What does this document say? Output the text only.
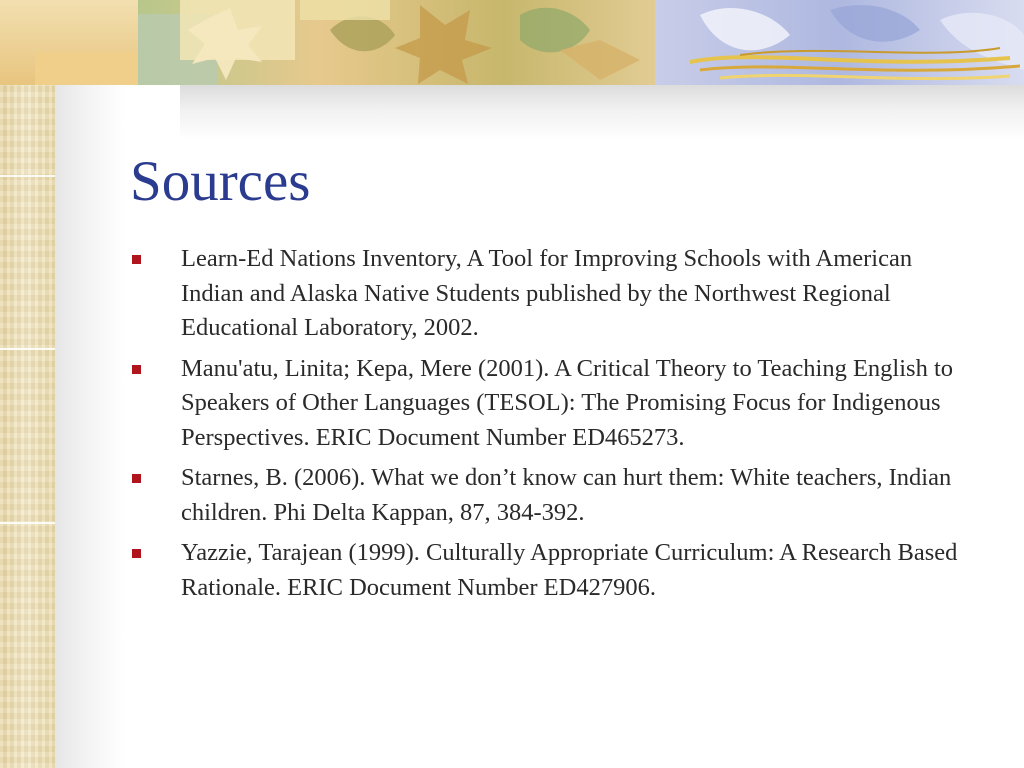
Sources
Learn-Ed Nations Inventory, A Tool for Improving Schools with American Indian and Alaska Native Students published by the Northwest Regional Educational Laboratory, 2002.
Manu'atu, Linita; Kepa, Mere (2001). A Critical Theory to Teaching English to Speakers of Other Languages (TESOL): The Promising Focus for Indigenous Perspectives. ERIC Document Number ED465273.
Starnes, B. (2006). What we don’t know can hurt them: White teachers, Indian children. Phi Delta Kappan, 87, 384-392.
Yazzie, Tarajean (1999). Culturally Appropriate Curriculum: A Research Based Rationale. ERIC Document Number ED427906.
